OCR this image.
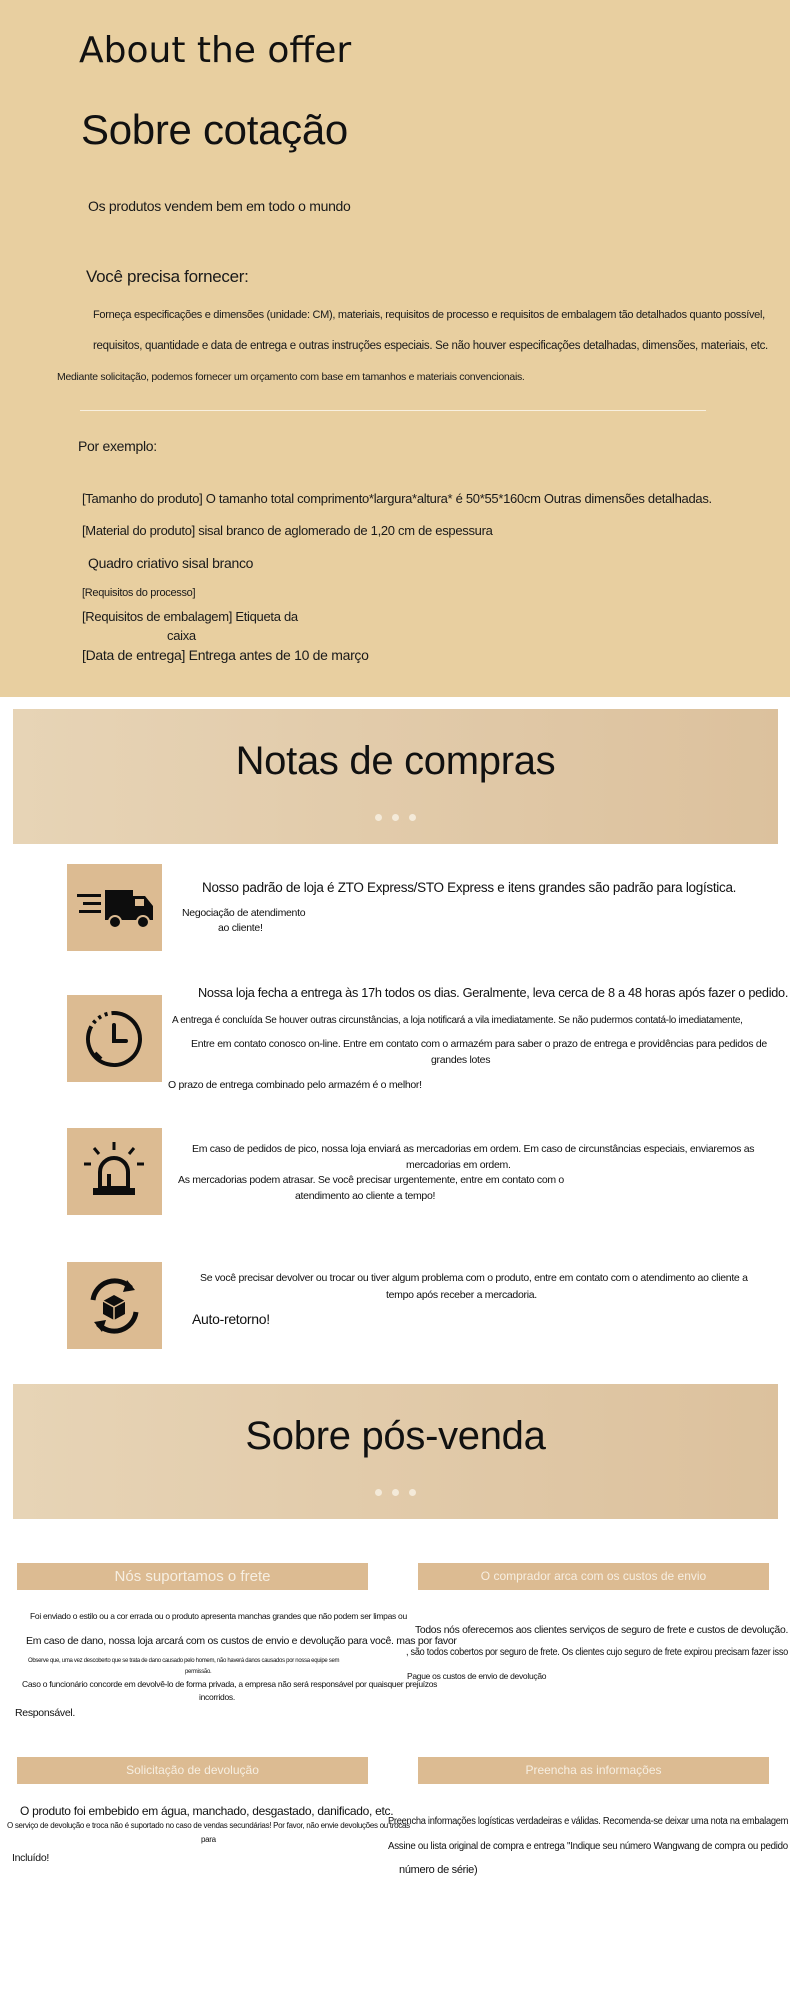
About the offer
Sobre cotação
Os produtos vendem bem em todo o mundo
Você precisa fornecer:
Forneça especificações e dimensões (unidade: CM), materiais, requisitos de processo e requisitos de embalagem tão detalhados quanto possível,
requisitos, quantidade e data de entrega e outras instruções especiais. Se não houver especificações detalhadas, dimensões, materiais, etc.
Mediante solicitação, podemos fornecer um orçamento com base em tamanhos e materiais convencionais.
Por exemplo:
[Tamanho do produto] O tamanho total comprimento*largura*altura* é 50*55*160cm Outras dimensões detalhadas.
[Material do produto] sisal branco de aglomerado de 1,20 cm de espessura
Quadro criativo sisal branco
[Requisitos do processo]
[Requisitos de embalagem] Etiqueta da
caixa
[Data de entrega] Entrega antes de 10 de março
Notas de compras
Nosso padrão de loja é ZTO Express/STO Express e itens grandes são padrão para logística.
Negociação de atendimento
ao cliente!
Nossa loja fecha a entrega às 17h todos os dias. Geralmente, leva cerca de 8 a 48 horas após fazer o pedido.
A entrega é concluída Se houver outras circunstâncias, a loja notificará a vila imediatamente. Se não pudermos contatá-lo imediatamente,
Entre em contato conosco on-line. Entre em contato com o armazém para saber o prazo de entrega e providências para pedidos de
grandes lotes
O prazo de entrega combinado pelo armazém é o melhor!
Em caso de pedidos de pico, nossa loja enviará as mercadorias em ordem. Em caso de circunstâncias especiais, enviaremos as
mercadorias em ordem.
As mercadorias podem atrasar. Se você precisar urgentemente, entre em contato com o
atendimento ao cliente a tempo!
Se você precisar devolver ou trocar ou tiver algum problema com o produto, entre em contato com o atendimento ao cliente a
tempo após receber a mercadoria.
Auto-retorno!
Sobre pós-venda
Nós suportamos o frete
Foi enviado o estilo ou a cor errada ou o produto apresenta manchas grandes que não podem ser limpas ou
Em caso de dano, nossa loja arcará com os custos de envio e devolução para você. mas por favor
Observe que, uma vez descoberto que se trata de dano causado pelo homem, não haverá danos causados por nossa equipe sem
permissão.
Caso o funcionário concorde em devolvê-lo de forma privada, a empresa não será responsável por quaisquer prejuízos
incorridos.
Responsável.
O comprador arca com os custos de envio
Todos nós oferecemos aos clientes serviços de seguro de frete e custos de devolução.
, são todos cobertos por seguro de frete. Os clientes cujo seguro de frete expirou precisam fazer isso
Pague os custos de envio de devolução
Solicitação de devolução
O produto foi embebido em água, manchado, desgastado, danificado, etc.
O serviço de devolução e troca não é suportado no caso de vendas secundárias! Por favor, não envie devoluções ou trocas
para
Incluído!
Preencha as informações
Preencha informações logísticas verdadeiras e válidas. Recomenda-se deixar uma nota na embalagem
Assine ou lista original de compra e entrega "Indique seu número Wangwang de compra ou pedido
número de série)
